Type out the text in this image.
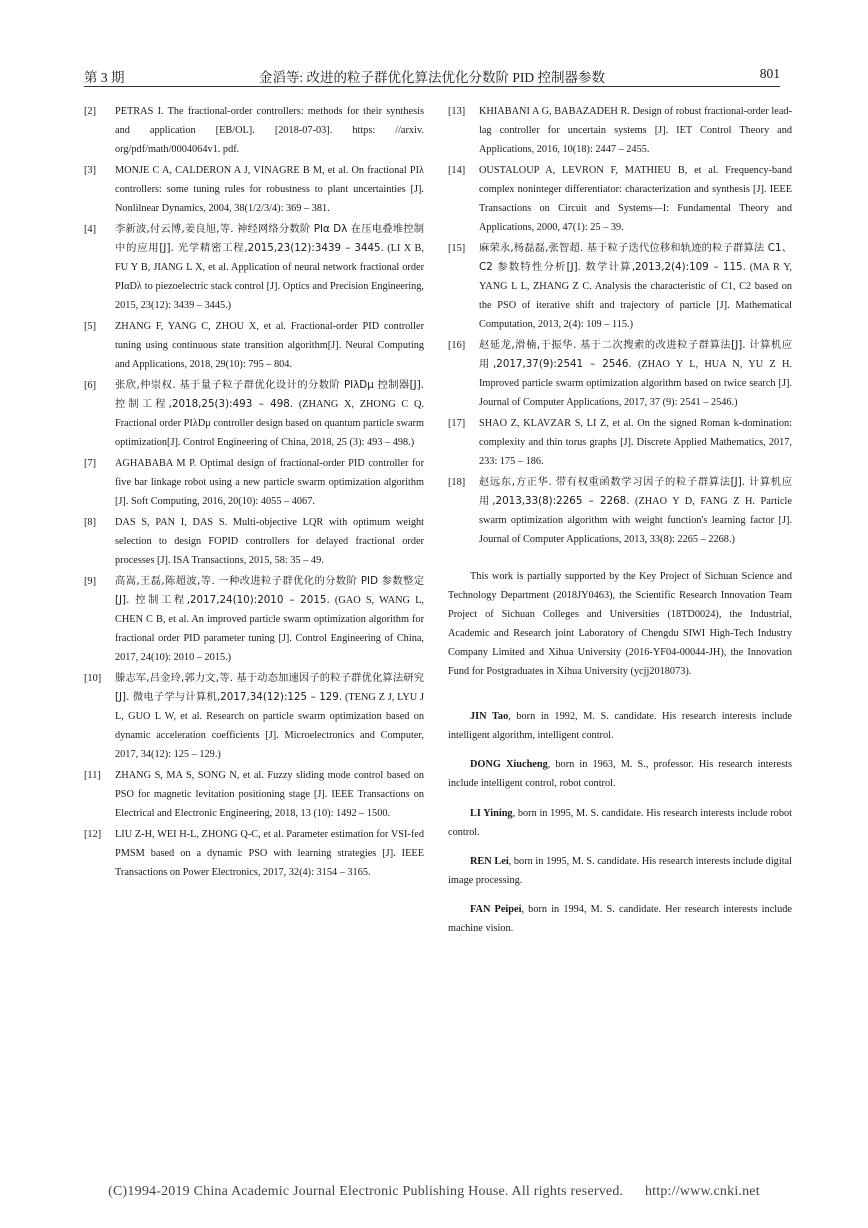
第 3 期	金滔等: 改进的粒子群优化算法优化分数阶 PID 控制器参数	801
[2] PETRAS I. The fractional-order controllers: methods for their synthesis and application [EB/OL]. [2018-07-03]. https: //arxiv. org/pdf/math/0004064v1. pdf.
[3] MONJE C A, CALDERON A J, VINAGRE B M, et al. On fractional PIλ controllers: some tuning rules for robustness to plant uncertainties [J]. Nonlilnear Dynamics, 2004, 38(1/2/3/4): 369 – 381.
[4] 李新波,付云博,姜良旭,等. 神经网络分数阶 PIα Dλ 在压电叠堆控制中的应用[J]. 光学精密工程,2015,23(12):3439 – 3445. (LI X B, FU Y B, JIANG L X, et al. Application of neural network fractional order PIαDλ to piezoelectric stack control [J]. Optics and Precision Engineering, 2015, 23(12): 3439 – 3445.)
[5] ZHANG F, YANG C, ZHOU X, et al. Fractional-order PID controller tuning using continuous state transition algorithm[J]. Neural Computing and Applications, 2018, 29(10): 795 – 804.
[6] 张欣,仲崇权. 基于量子粒子群优化设计的分数阶 PIλDμ 控制器[J]. 控制工程,2018,25(3):493 – 498. (ZHANG X, ZHONG C Q. Fractional order PIλDμ controller design based on quantum particle swarm optimization[J]. Control Engineering of China, 2018, 25 (3): 493 – 498.)
[7] AGHABABA M P. Optimal design of fractional-order PID controller for five bar linkage robot using a new particle swarm optimization algorithm [J]. Soft Computing, 2016, 20(10): 4055 – 4067.
[8] DAS S, PAN I, DAS S. Multi-objective LQR with optimum weight selection to design FOPID controllers for delayed fractional order processes [J]. ISA Transactions, 2015, 58: 35 – 49.
[9] 高嵩,王磊,陈超波,等. 一种改进粒子群优化的分数阶 PID 参数整定[J]. 控制工程,2017,24(10):2010 – 2015. (GAO S, WANG L, CHEN C B, et al. An improved particle swarm optimization algorithm for fractional order PID parameter tuning [J]. Control Engineering of China, 2017, 24(10): 2010 – 2015.)
[10] 滕志军,吕金玲,郭力文,等. 基于动态加速因子的粒子群优化算法研究[J]. 微电子学与计算机,2017,34(12):125 – 129. (TENG Z J, LYU J L, GUO L W, et al. Research on particle swarm optimization based on dynamic acceleration coefficients [J]. Microelectronics and Computer, 2017, 34(12): 125 – 129.)
[11] ZHANG S, MA S, SONG N, et al. Fuzzy sliding mode control based on PSO for magnetic levitation positioning stage [J]. IEEE Transactions on Electrical and Electronic Engineering, 2018, 13 (10): 1492 – 1500.
[12] LIU Z-H, WEI H-L, ZHONG Q-C, et al. Parameter estimation for VSI-fed PMSM based on a dynamic PSO with learning strategies [J]. IEEE Transactions on Power Electronics, 2017, 32(4): 3154 – 3165.
[13] KHIABANI A G, BABAZADEH R. Design of robust fractional-order lead-lag controller for uncertain systems [J]. IET Control Theory and Applications, 2016, 10(18): 2447 – 2455.
[14] OUSTALOUP A, LEVRON F, MATHIEU B, et al. Frequency-band complex noninteger differentiator: characterization and synthesis [J]. IEEE Transactions on Circuit and Systems—I: Fundamental Theory and Applications, 2000, 47(1): 25 – 39.
[15] 麻荣永,杨磊磊,张智超. 基于粒子迭代位移和轨迹的粒子群算法 C1、C2 参数特性分析[J]. 数学计算,2013,2(4):109 – 115. (MA R Y, YANG L L, ZHANG Z C. Analysis the characteristic of C1, C2 based on the PSO of iterative shift and trajectory of particle [J]. Mathematical Computation, 2013, 2(4): 109 – 115.)
[16] 赵延龙,滑楠,于振华. 基于二次搜索的改进粒子群算法[J]. 计算机应用,2017,37(9):2541 – 2546. (ZHAO Y L, HUA N, YU Z H. Improved particle swarm optimization algorithm based on twice search [J]. Journal of Computer Applications, 2017, 37 (9): 2541 – 2546.)
[17] SHAO Z, KLAVZAR S, LI Z, et al. On the signed Roman k-domination: complexity and thin torus graphs [J]. Discrete Applied Mathematics, 2017, 233: 175 – 186.
[18] 赵远东,方正华. 带有权重函数学习因子的粒子群算法[J]. 计算机应用,2013,33(8):2265 – 2268. (ZHAO Y D, FANG Z H. Particle swarm optimization algorithm with weight function's learning factor [J]. Journal of Computer Applications, 2013, 33(8): 2265 – 2268.)

This work is partially supported by the Key Project of Sichuan Science and Technology Department (2018JY0463), the Scientific Research Innovation Team Project of Sichuan Colleges and Universities (18TD0024), the Industrial, Academic and Research joint Laboratory of Chengdu SIWI High-Tech Industry Company Limited and Xihua University (2016-YF04-00044-JH), the Innovation Fund for Postgraduates in Xihua University (ycjj2018073).

JIN Tao, born in 1992, M. S. candidate. His research interests include intelligent algorithm, intelligent control.

DONG Xiucheng, born in 1963, M. S., professor. His research interests include intelligent control, robot control.

LI Yining, born in 1995, M. S. candidate. His research interests include robot control.

REN Lei, born in 1995, M. S. candidate. His research interests include digital image processing.

FAN Peipei, born in 1994, M. S. candidate. Her research interests include machine vision.

(C)1994-2019 China Academic Journal Electronic Publishing House. All rights reserved. http://www.cnki.net
